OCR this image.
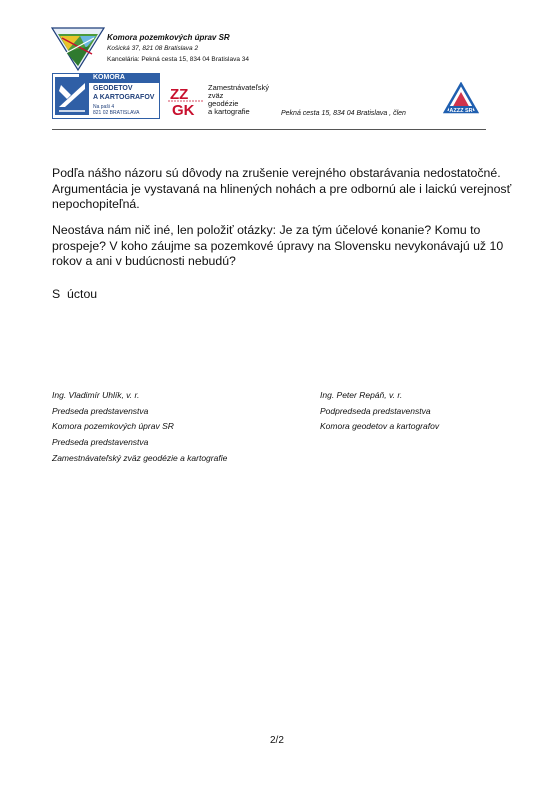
Komora pozemkových úprav SR
Košická 37, 821 08 Bratislava 2
Kancelária: Pekná cesta 15, 834 04 Bratislava 34
KOMORA
GEODETOV
A KARTOGRAFOV
Na paši 4
821 02 BRATISLAVA
ZZ
GK
Zamestnávateľský
zväz
geodézie
a kartografie	Pekná cesta 15, 834 04 Bratislava , člen	AZZZ SR
Podľa nášho názoru sú dôvody na zrušenie verejného obstarávania nedostatočné. Argumentácia je vystavaná na hlinených nohách a pre odbornú ale i laickú verejnosť nepochopiteľná.
Neostáva nám nič iné, len položiť otázky: Je za tým účelové konanie? Komu to prospeje? V koho záujme sa pozemkové úpravy na Slovensku nevykonávajú už 10 rokov a ani v budúcnosti nebudú?
S  úctou
Ing. Vladimír Uhlík, v. r.
Predseda predstavenstva
Komora pozemkových úprav SR
Predseda predstavenstva
Zamestnávateľský zväz geodézie a kartografie
Ing. Peter Repáň, v. r.
Podpredseda predstavenstva
Komora geodetov a kartografov
2/2
